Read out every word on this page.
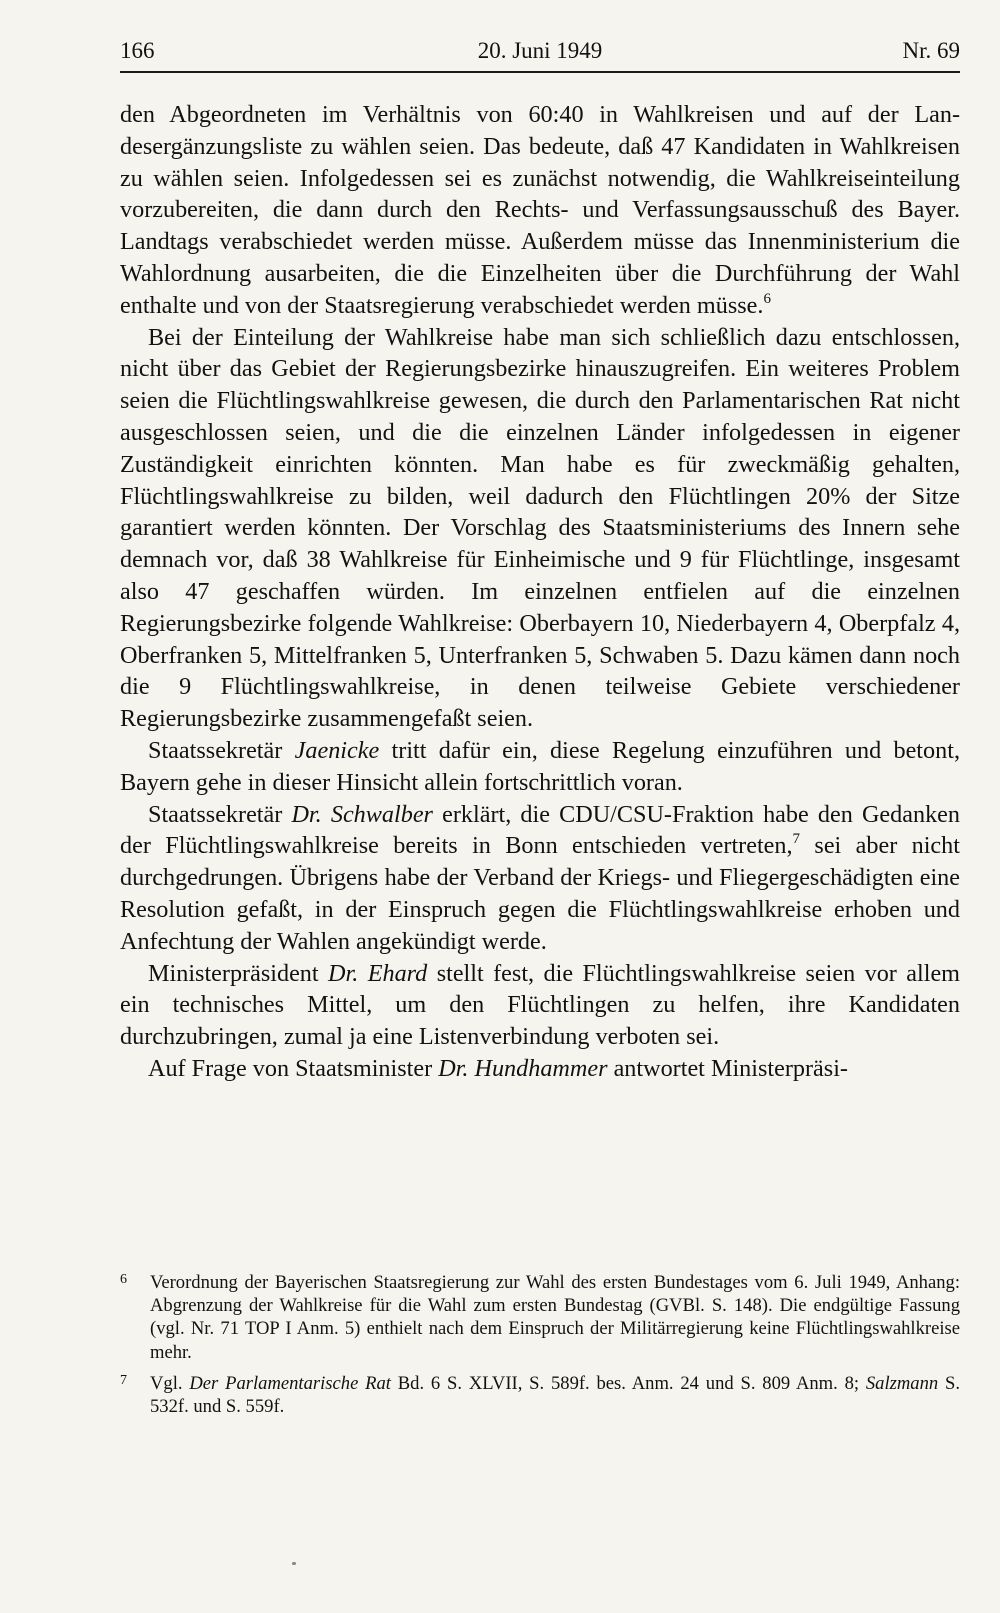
166	20. Juni 1949	Nr. 69

den Abgeordneten im Verhältnis von 60:40 in Wahlkreisen und auf der Landesergänzungsliste zu wählen seien. Das bedeute, daß 47 Kandidaten in Wahlkreisen zu wählen seien. Infolgedessen sei es zunächst notwendig, die Wahlkreiseinteilung vorzubereiten, die dann durch den Rechts- und Verfassungsausschuß des Bayer. Landtags verabschiedet werden müsse. Außerdem müsse das Innenministerium die Wahlordnung ausarbeiten, die die Einzelheiten über die Durchführung der Wahl enthalte und von der Staatsregierung verabschiedet werden müsse.$^6$

Bei der Einteilung der Wahlkreise habe man sich schließlich dazu entschlossen, nicht über das Gebiet der Regierungsbezirke hinauszugreifen. Ein weiteres Problem seien die Flüchtlingswahlkreise gewesen, die durch den Parlamentarischen Rat nicht ausgeschlossen seien, und die die einzelnen Länder infolgedessen in eigener Zuständigkeit einrichten könnten. Man habe es für zweckmäßig gehalten, Flüchtlingswahlkreise zu bilden, weil dadurch den Flüchtlingen 20% der Sitze garantiert werden könnten. Der Vorschlag des Staatsministeriums des Innern sehe demnach vor, daß 38 Wahlkreise für Einheimische und 9 für Flüchtlinge, insgesamt also 47 geschaffen würden. Im einzelnen entfielen auf die einzelnen Regierungsbezirke folgende Wahlkreise: Oberbayern 10, Niederbayern 4, Oberpfalz 4, Oberfranken 5, Mittelfranken 5, Unterfranken 5, Schwaben 5. Dazu kämen dann noch die 9 Flüchtlingswahlkreise, in denen teilweise Gebiete verschiedener Regierungsbezirke zusammengefaßt seien.

Staatssekretär Jaenicke tritt dafür ein, diese Regelung einzuführen und betont, Bayern gehe in dieser Hinsicht allein fortschrittlich voran.

Staatssekretär Dr. Schwalber erklärt, die CDU/CSU-Fraktion habe den Gedanken der Flüchtlingswahlkreise bereits in Bonn entschieden vertreten,$^7$ sei aber nicht durchgedrungen. Übrigens habe der Verband der Kriegs- und Fliegergeschädigten eine Resolution gefaßt, in der Einspruch gegen die Flüchtlingswahlkreise erhoben und Anfechtung der Wahlen angekündigt werde.

Ministerpräsident Dr. Ehard stellt fest, die Flüchtlingswahlkreise seien vor allem ein technisches Mittel, um den Flüchtlingen zu helfen, ihre Kandidaten durchzubringen, zumal ja eine Listenverbindung verboten sei.

Auf Frage von Staatsminister Dr. Hundhammer antwortet Ministerpräsi-

6 Verordnung der Bayerischen Staatsregierung zur Wahl des ersten Bundestages vom 6. Juli 1949, Anhang: Abgrenzung der Wahlkreise für die Wahl zum ersten Bundestag (GVBl. S. 148). Die endgültige Fassung (vgl. Nr. 71 TOP I Anm. 5) enthielt nach dem Einspruch der Militärregierung keine Flüchtlingswahlkreise mehr.
7 Vgl. Der Parlamentarische Rat Bd. 6 S. XLVII, S. 589f. bes. Anm. 24 und S. 809 Anm. 8; Salzmann S. 532f. und S. 559f.
